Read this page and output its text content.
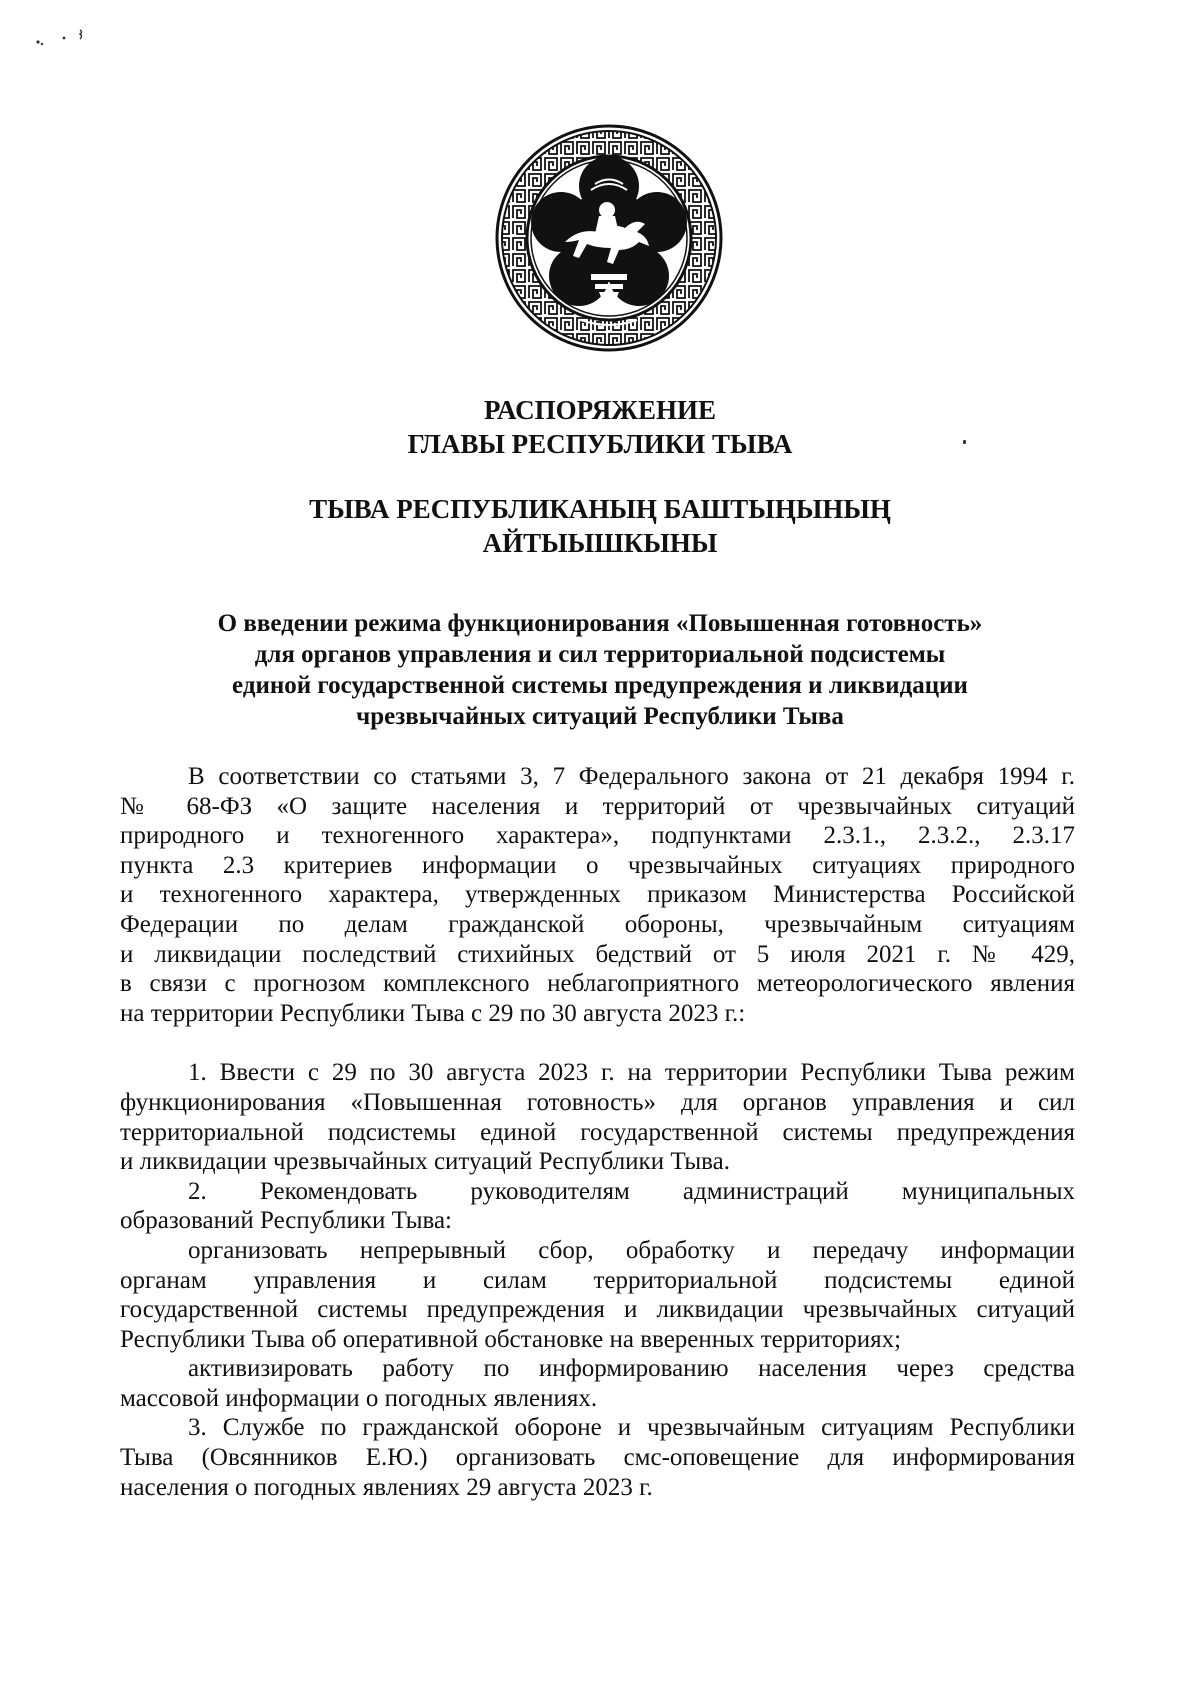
РАСПОРЯЖЕНИЕ
ГЛАВЫ РЕСПУБЛИКИ ТЫВА
ТЫВА РЕСПУБЛИКАНЫҢ БАШТЫҢЫНЫҢ
АЙТЫЫШКЫНЫ
О введении режима функционирования «Повышенная готовность»
для органов управления и сил территориальной подсистемы
единой государственной системы предупреждения и ликвидации
чрезвычайных ситуаций Республики Тыва
В соответствии со статьями 3, 7 Федерального закона от 21 декабря 1994 г.
№ 68-ФЗ «О защите населения и территорий от чрезвычайных ситуаций
природного и техногенного характера», подпунктами 2.3.1., 2.3.2., 2.3.17
пункта 2.3 критериев информации о чрезвычайных ситуациях природного
и техногенного характера, утвержденных приказом Министерства Российской
Федерации по делам гражданской обороны, чрезвычайным ситуациям
и ликвидации последствий стихийных бедствий от 5 июля 2021 г. № 429,
в связи с прогнозом комплексного неблагоприятного метеорологического явления
на территории Республики Тыва с 29 по 30 августа 2023 г.:
1. Ввести с 29 по 30 августа 2023 г. на территории Республики Тыва режим
функционирования «Повышенная готовность» для органов управления и сил
территориальной подсистемы единой государственной системы предупреждения
и ликвидации чрезвычайных ситуаций Республики Тыва.
2. Рекомендовать руководителям администраций муниципальных
образований Республики Тыва:
организовать непрерывный сбор, обработку и передачу информации
органам управления и силам территориальной подсистемы единой
государственной системы предупреждения и ликвидации чрезвычайных ситуаций
Республики Тыва об оперативной обстановке на вверенных территориях;
активизировать работу по информированию населения через средства
массовой информации о погодных явлениях.
3. Службе по гражданской обороне и чрезвычайным ситуациям Республики
Тыва (Овсянников Е.Ю.) организовать смс-оповещение для информирования
населения о погодных явлениях 29 августа 2023 г.
